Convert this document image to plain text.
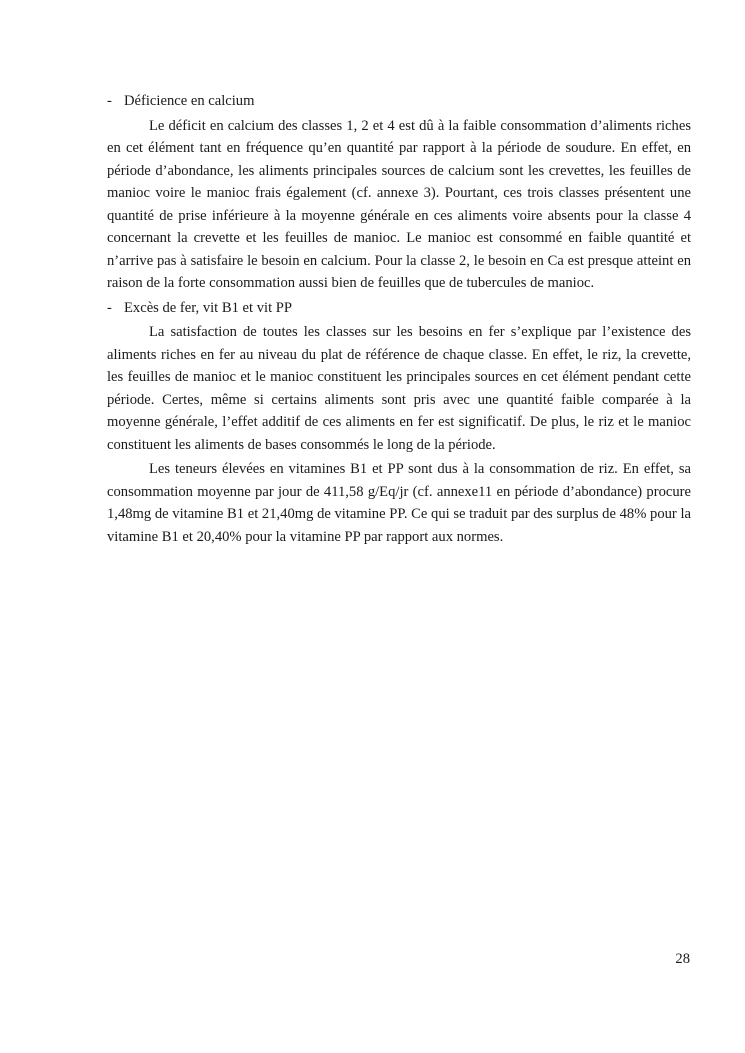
- Déficience en calcium

Le déficit en calcium des classes 1, 2 et 4 est dû à la faible consommation d’aliments riches en cet élément tant en fréquence qu’en quantité par rapport à la période de soudure. En effet, en période d’abondance, les aliments principales sources de calcium sont les crevettes, les feuilles de manioc voire le manioc frais également (cf. annexe 3). Pourtant, ces trois classes présentent une quantité de prise inférieure à la moyenne générale en ces aliments voire absents pour la classe 4 concernant la crevette et les feuilles de manioc. Le manioc est consommé en faible quantité et n’arrive pas à satisfaire le besoin en calcium. Pour la classe 2, le besoin en Ca est presque atteint en raison de la forte consommation aussi bien de feuilles que de tubercules de manioc.

- Excès de fer, vit B1 et vit PP

La satisfaction de toutes les classes sur les besoins en fer s’explique par l’existence des aliments riches en fer au niveau du plat de référence de chaque classe. En effet, le riz, la crevette, les feuilles de manioc et le manioc constituent les principales sources en cet élément pendant cette période. Certes, même si certains aliments sont pris avec une quantité faible comparée à la moyenne générale, l’effet additif de ces aliments en fer est significatif. De plus, le riz et le manioc constituent les aliments de bases consommés le long de la période.

Les teneurs élevées en vitamines B1 et PP sont dus à la consommation de riz. En effet, sa consommation moyenne par jour de 411,58 g/Eq/jr (cf. annexe11 en période d’abondance) procure 1,48mg de vitamine B1 et 21,40mg de vitamine PP. Ce qui se traduit par des surplus de 48% pour la vitamine B1 et 20,40% pour la vitamine PP par rapport aux normes.

28
